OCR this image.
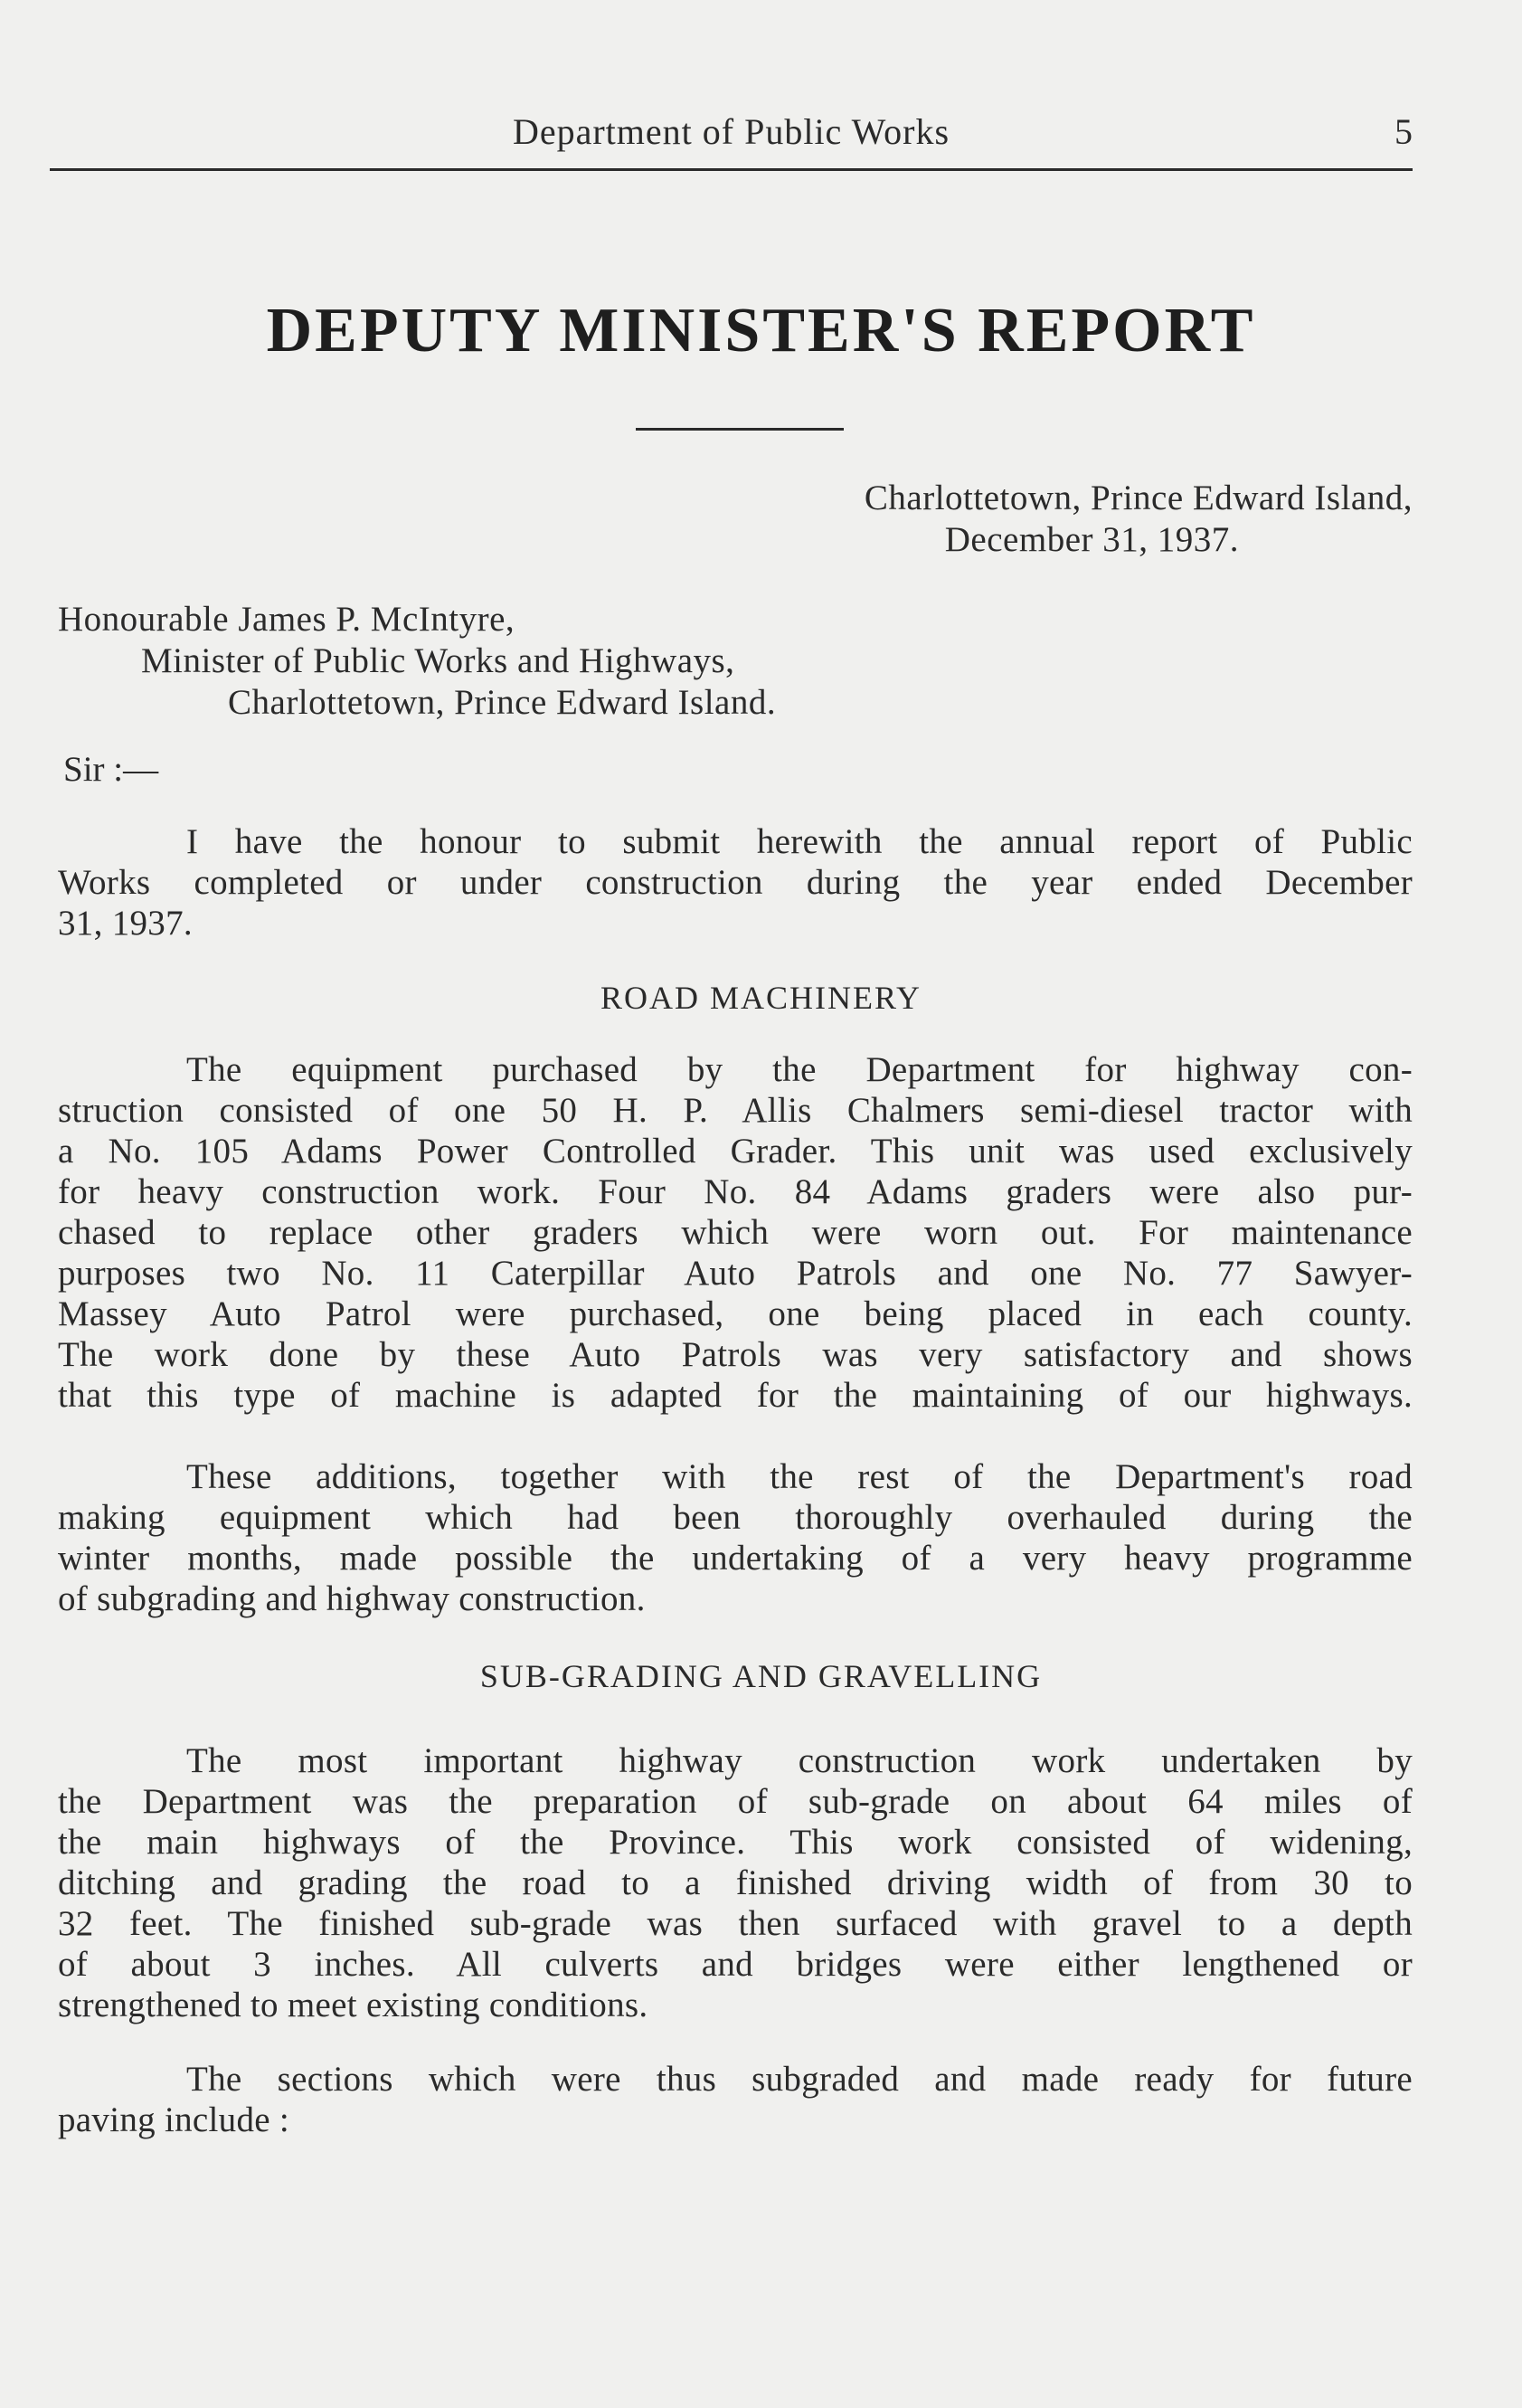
Department of Public Works	5
DEPUTY MINISTER'S REPORT
Charlottetown, Prince Edward Island,
December 31, 1937.
Honourable James P. McIntyre,
Minister of Public Works and Highways,
Charlottetown, Prince Edward Island.
Sir :—
I have the honour to submit herewith the annual report of Public
Works completed or under construction during the year ended December
31, 1937.
ROAD MACHINERY
The equipment purchased by the Department for highway con-
struction consisted of one 50 H. P. Allis Chalmers semi-diesel tractor with
a No. 105 Adams Power Controlled Grader. This unit was used exclusively
for heavy construction work. Four No. 84 Adams graders were also pur-
chased to replace other graders which were worn out. For maintenance
purposes two No. 11 Caterpillar Auto Patrols and one No. 77 Sawyer-
Massey Auto Patrol were purchased, one being placed in each county.
The work done by these Auto Patrols was very satisfactory and shows
that this type of machine is adapted for the maintaining of our highways.
These additions, together with the rest of the Department's road
making equipment which had been thoroughly overhauled during the
winter months, made possible the undertaking of a very heavy programme
of subgrading and highway construction.
SUB-GRADING AND GRAVELLING
The most important highway construction work undertaken by
the Department was the preparation of sub-grade on about 64 miles of
the main highways of the Province. This work consisted of widening,
ditching and grading the road to a finished driving width of from 30 to
32 feet. The finished sub-grade was then surfaced with gravel to a depth
of about 3 inches. All culverts and bridges were either lengthened or
strengthened to meet existing conditions.
The sections which were thus subgraded and made ready for future
paving include :
